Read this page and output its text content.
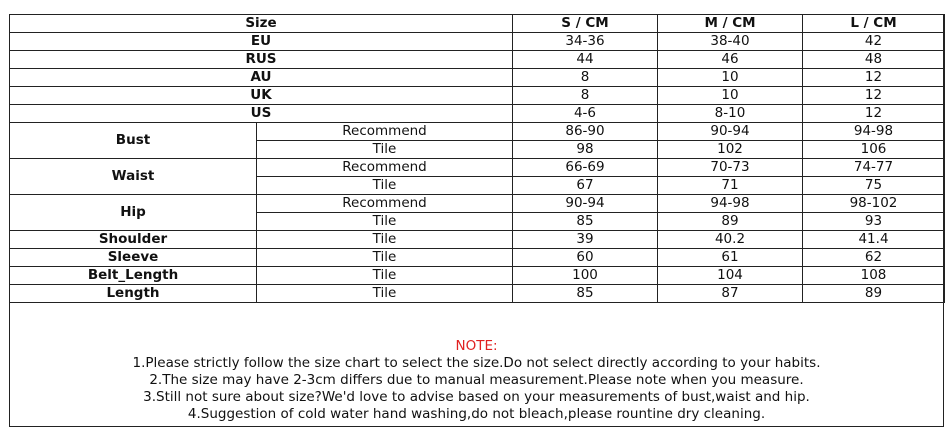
Size		S / CM	M / CM	L / CM
EU		34-36	38-40	42
RUS		44	46	48
AU		8	10	12
UK		8	10	12
US		4-6	8-10	12
Bust	Recommend	86-90	90-94	94-98
	Tile	98	102	106
Waist	Recommend	66-69	70-73	74-77
	Tile	67	71	75
Hip	Recommend	90-94	94-98	98-102
	Tile	85	89	93
Shoulder	Tile	39	40.2	41.4
Sleeve	Tile	60	61	62
Belt_Length	Tile	100	104	108
Length	Tile	85	87	89
NOTE:
1.Please strictly follow the size chart to select the size.Do not select directly according to your habits.
2.The size may have 2-3cm differs due to manual measurement.Please note when you measure.
3.Still not sure about size?We'd love to advise based on your measurements of bust,waist and hip.
4.Suggestion of cold water hand washing,do not bleach,please rountine dry cleaning.
